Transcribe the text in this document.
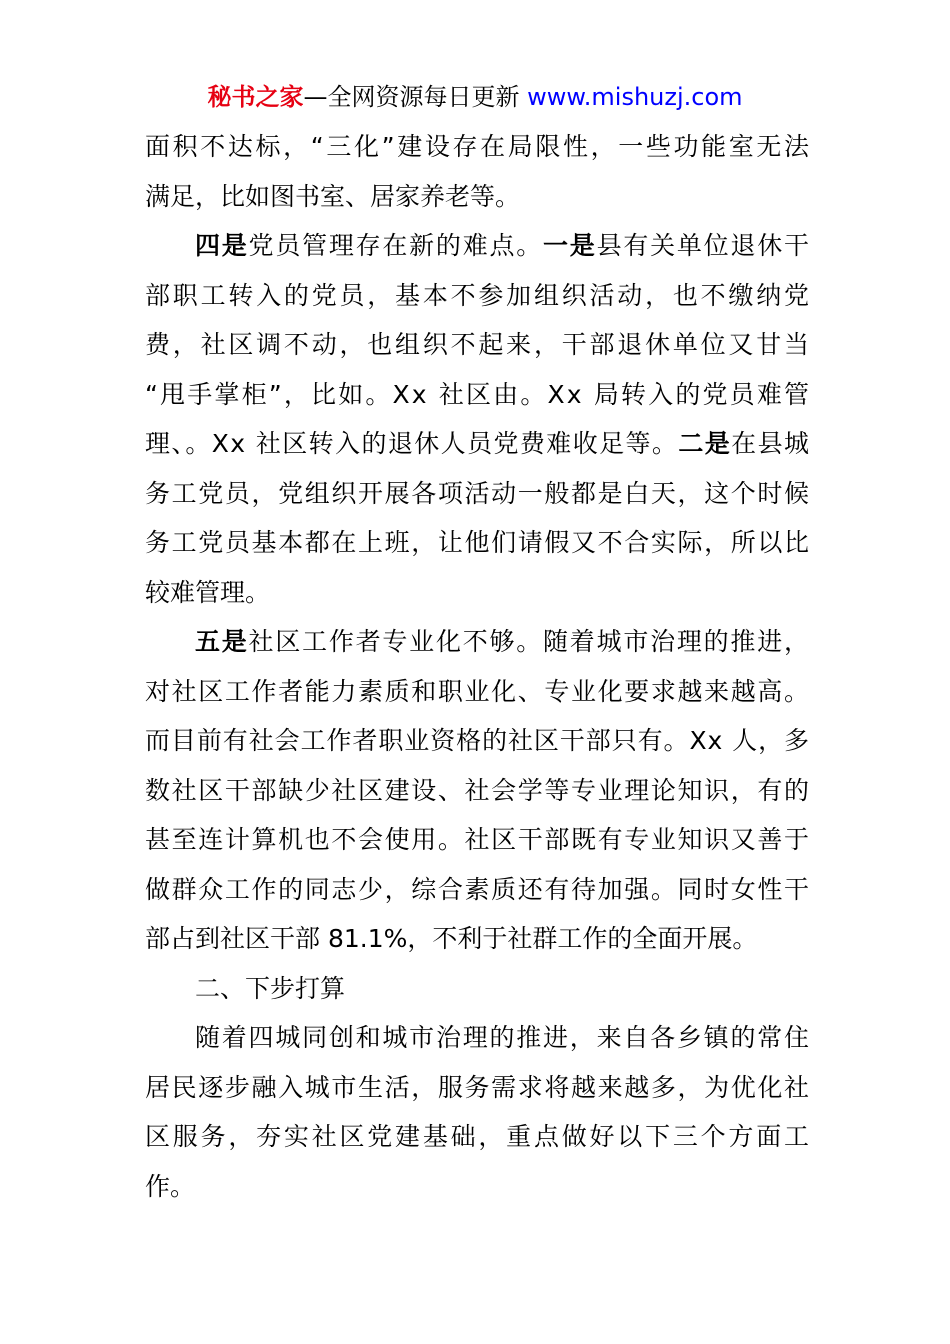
秘书之家—全网资源每日更新 www.mishuzj.com
面积不达标，“三化”建设存在局限性，一些功能室无法
满足，比如图书室、居家养老等。
四是党员管理存在新的难点。一是县有关单位退休干
部职工转入的党员，基本不参加组织活动，也不缴纳党
费，社区调不动，也组织不起来，干部退休单位又甘当
“甩手掌柜”，比如。Xx 社区由。Xx 局转入的党员难管
理、。Xx 社区转入的退休人员党费难收足等。二是在县城
务工党员，党组织开展各项活动一般都是白天，这个时候
务工党员基本都在上班，让他们请假又不合实际，所以比
较难管理。
五是社区工作者专业化不够。随着城市治理的推进，
对社区工作者能力素质和职业化、专业化要求越来越高。
而目前有社会工作者职业资格的社区干部只有。Xx 人，多
数社区干部缺少社区建设、社会学等专业理论知识，有的
甚至连计算机也不会使用。社区干部既有专业知识又善于
做群众工作的同志少，综合素质还有待加强。同时女性干
部占到社区干部 81.1%，不利于社群工作的全面开展。
二、下步打算
随着四城同创和城市治理的推进，来自各乡镇的常住
居民逐步融入城市生活，服务需求将越来越多，为优化社
区服务，夯实社区党建基础，重点做好以下三个方面工
作。
